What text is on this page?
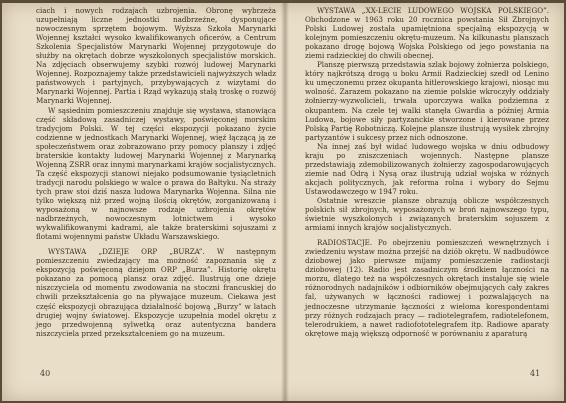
ciach i nowych rodzajach uzbrojenia. Obronę wybrzeża uzupełniają liczne jednostki nadbrzeżne, dysponujące nowoczesnym sprzętem bojowym. Wyższa Szkoła Marynarki Wojennej kształci wysoko kwalifikowanych oficerów, a Centrum Szkolenia Specjalistów Marynarki Wojennej przygotowuje do służby na okrętach dobrze wyszkolonych specjalistów morskich. Na zdjęciach obserwujemy szybki rozwój ludowej Marynarki Wojennej. Rozpoznajemy także przedstawicieli najwyższych władz państwowych i partyjnych, przybywających z wizytami do Marynarki Wojennej. Partia i Rząd wykazują stałą troskę o rozwój Marynarki Wojennej.

W sąsiednim pomieszczeniu znajduje się wystawa, stanowiąca część składową zasadniczej wystawy, poświęconej morskim tradycjom Polski. W tej części ekspozycji pokazano życie codzienne w jednostkach Marynarki Wojennej, więź łączącą ją ze społeczeństwem oraz zobrazowano przy pomocy planszy i zdjęć braterskie kontakty ludowej Marynarki Wojennej z Marynarką Wojenną ZSRR oraz innymi marynarkami krajów socjalistycznych. Ta część ekspozycji stanowi niejako podsumowanie tysiącletnich tradycji narodu polskiego w walce o prawa do Bałtyku. Na straży tych praw stoi dziś nasza ludowa Marynarka Wojenna. Silna nie tylko większą niż przed wojną ilością okrętów, zorganizowaną i wyposażoną w najnowsze rodzaje uzbrojenia okrętów nadbrzeżnych, nowoczesnym lotnictwem i wysoko wykwalifikowanymi kadrami, ale także braterskimi sojuszami z flotami wojennymi państw Układu Warszawskiego.

WYSTAWA „DZIEJE ORP „BURZA”. W następnym pomieszczeniu zwiedzający ma możność zapoznania się z ekspozycją poświęconą dziejom ORP „Burza”. Historię okrętu pokazano za pomocą plansz oraz zdjęć. Ilustrują one dzieje niszczyciela od momentu zwodowania na stoczni francuskiej do chwili przekształcenia go na pływające muzeum. Ciekawa jest część ekspozycji obrazująca działalność bojową „Burzy” w latach drugiej wojny światowej. Ekspozycje uzupełnia model okrętu z jego przedwojenną sylwetką oraz autentyczna bandera niszczyciela przed przekształceniem go na muzeum.

40

WYSTAWA „XX-LECIE LUDOWEGO WOJSKA POLSKIEGO”. Obchodzone w 1963 roku 20 rocznica powstania Sił Zbrojnych Polski Ludowej została upamiętniona specjalną ekspozycją w kolejnym pomieszczeniu okrętu-muzeum. Na kilkunastu planszach pokazano drogę bojową Wojska Polskiego od jego powstania na ziemi radzieckiej do chwili obecnej.

Planszę pierwszą przedstawia szlak bojowy żołnierza polskiego, który najkrótszą drogą u boku Armii Radzieckiej szedł od Lenino ku umęczonemu przez okupanta hitlerowskiego krajowi, niosąc mu wolność. Zarazem pokazano na ziemie polskie wkroczyły oddziały żołnierzy-wyzwolicieli, trwała uporczywa walka podziemna z okupantem. Na czele tej walki stanęła Gwardia a później Armia Ludowa, bojowe siły partyzanckie stworzone i kierowane przez Polską Partię Robotniczą. Kolejne plansze ilustrują wysiłek zbrojny partyzantów i sukcesy przez nich odnoszone.

Na innej zaś był widać ludowego wojska w dniu odbudowy kraju po zniszczeniach wojennych. Następne plansze przedstawiają zdemobilizowanych żołnierzy zagospodarowujących ziemie nad Odrą i Nysą oraz ilustrują udział wojska w różnych akcjach politycznych, jak reforma rolna i wybory do Sejmu Ustawodawczego w 1947 roku.

Ostatnie wreszcie plansze obrazują oblicze współczesnych polskich sił zbrojnych, wyposażonych w broń najnowszego typu, świetnie wyszkolonych i związanych braterskim sojuszem z armiami innych krajów socjalistycznych.

RADIOSTACJE. Po obejrzeniu pomieszczeń wewnętrznych i zwiedzeniu wystaw można przejść na dziób okrętu. W nadbudówce dziobowej jako pierwsze mijamy pomieszczenie radiostacji dziobowej (12). Radio jest zasadniczym środkiem łączności na morzu, dlatego też na współczesnych okrętach instaluje się wiele różnorodnych nadajników i odbiorników obejmujących cały zakres fal, używanych w łączności radiowej i pozwalających na jednoczesne utrzymanie łączności z wieloma korespondentami przy różnych rodzajach pracy — radiotelegrafem, radiotelefonem, telerodrukiem, a nawet radiofototelegrafem itp. Radiowe aparaty okrętowe mają większą odporność w porównaniu z aparaturą

41
